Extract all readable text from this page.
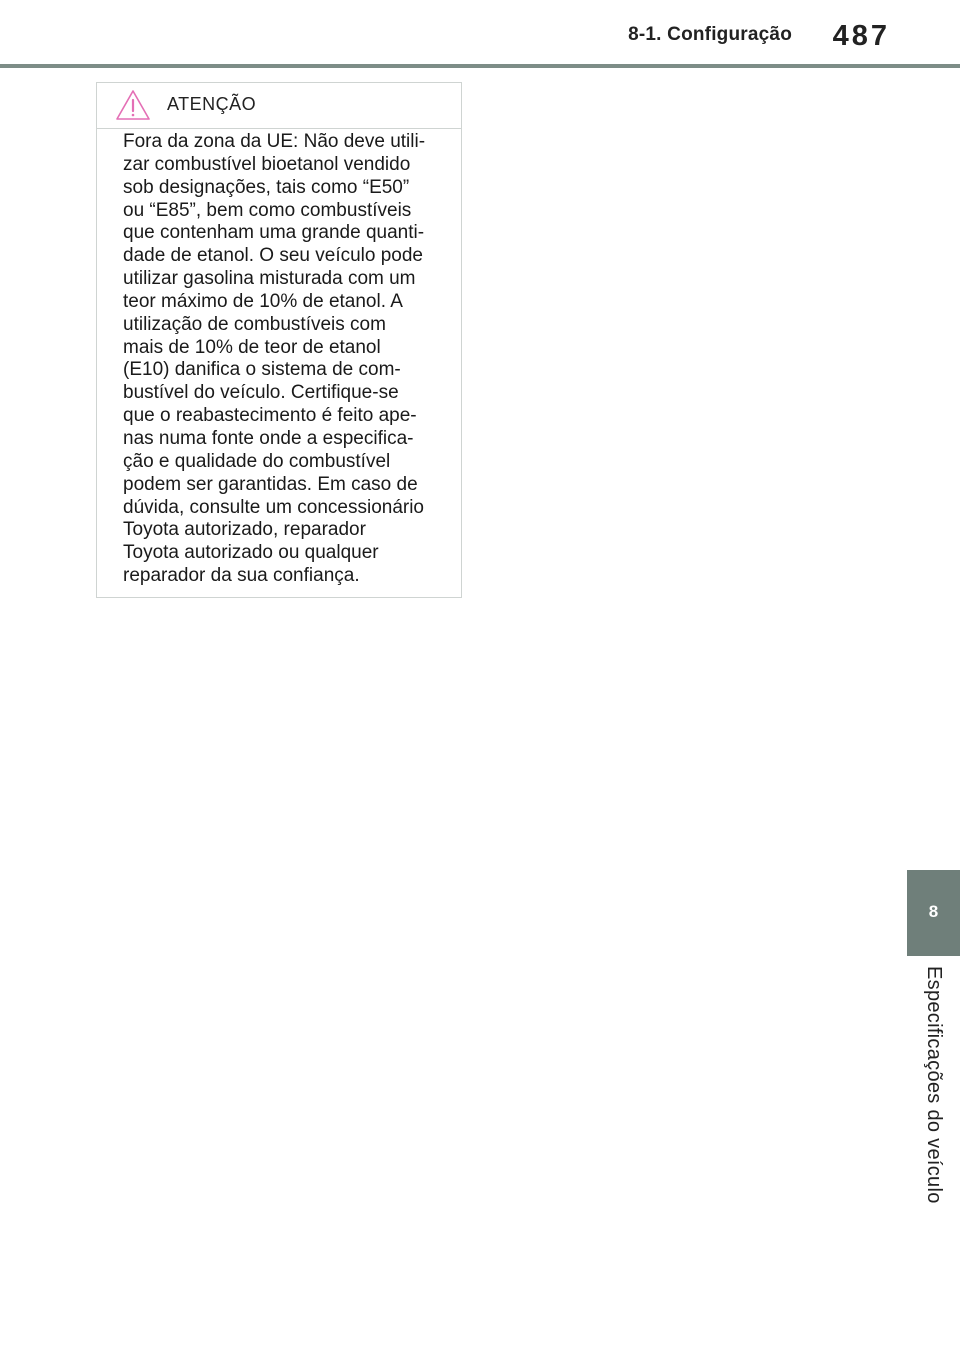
8-1. Configuração 487
ATENÇÃO
Fora da zona da UE: Não deve utili-
zar combustível bioetanol vendido
sob designações, tais como “E50”
ou “E85”, bem como combustíveis
que contenham uma grande quanti-
dade de etanol. O seu veículo pode
utilizar gasolina misturada com um
teor máximo de 10% de etanol. A
utilização de combustíveis com
mais de 10% de teor de etanol
(E10) danifica o sistema de com-
bustível do veículo. Certifique-se
que o reabastecimento é feito ape-
nas numa fonte onde a especifica-
ção e qualidade do combustível
podem ser garantidas. Em caso de
dúvida, consulte um concessionário
Toyota autorizado, reparador
Toyota autorizado ou qualquer
reparador da sua confiança.
8
Especificações do veículo
